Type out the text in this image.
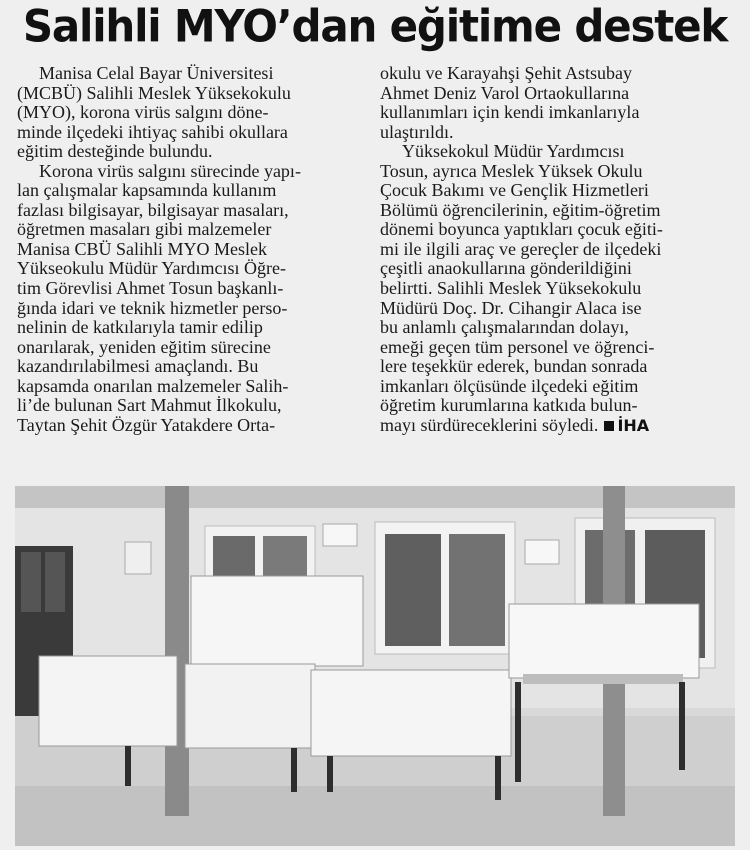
Salihli MYO’dan eğitime destek
Manisa Celal Bayar Üniversitesi
(MCBÜ) Salihli Meslek Yüksekokulu
(MYO), korona virüs salgını döne-
minde ilçedeki ihtiyaç sahibi okullara
eğitim desteğinde bulundu.
Korona virüs salgını sürecinde yapı-
lan çalışmalar kapsamında kullanım
fazlası bilgisayar, bilgisayar masaları,
öğretmen masaları gibi malzemeler
Manisa CBÜ Salihli MYO Meslek
Yükseokulu Müdür Yardımcısı Öğre-
tim Görevlisi Ahmet Tosun başkanlı-
ğında idari ve teknik hizmetler perso-
nelinin de katkılarıyla tamir edilip
onarılarak, yeniden eğitim sürecine
kazandırılabilmesi amaçlandı. Bu
kapsamda onarılan malzemeler Salih-
li’de bulunan Sart Mahmut İlkokulu,
Taytan Şehit Özgür Yatakdere Orta-
okulu ve Karayahşi Şehit Astsubay
Ahmet Deniz Varol Ortaokullarına
kullanımları için kendi imkanlarıyla
ulaştırıldı.
Yüksekokul Müdür Yardımcısı
Tosun, ayrıca Meslek Yüksek Okulu
Çocuk Bakımı ve Gençlik Hizmetleri
Bölümü öğrencilerinin, eğitim-öğretim
dönemi boyunca yaptıkları çocuk eğiti-
mi ile ilgili araç ve gereçler de ilçedeki
çeşitli anaokullarına gönderildiğini
belirtti. Salihli Meslek Yüksekokulu
Müdürü Doç. Dr. Cihangir Alaca ise
bu anlamlı çalışmalarından dolayı,
emeği geçen tüm personel ve öğrenci-
lere teşekkür ederek, bundan sonrada
imkanları ölçüsünde ilçedeki eğitim
öğretim kurumlarına katkıda bulun-
mayı sürdüreceklerini söyledi. İHA
